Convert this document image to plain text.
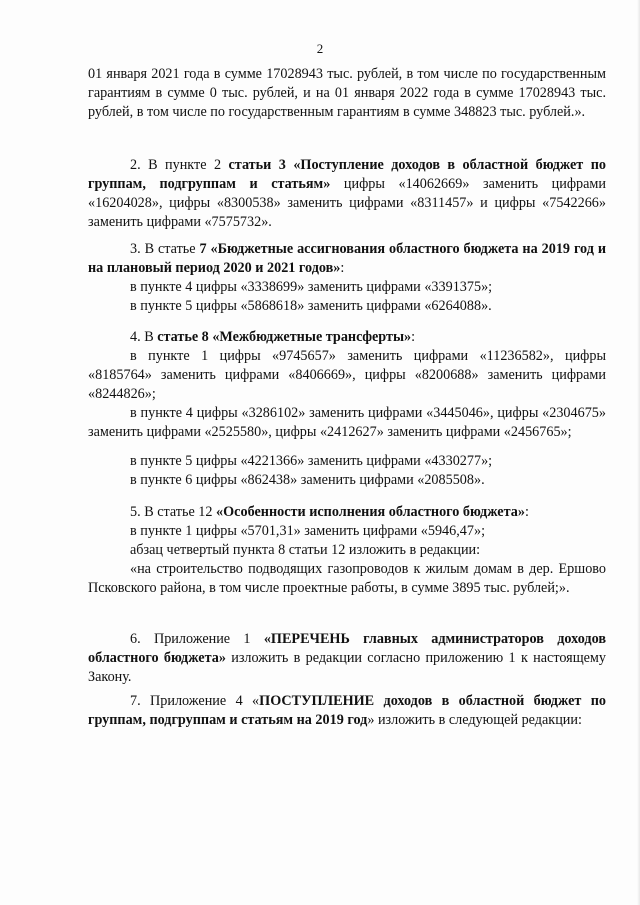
2

01 января 2021 года в сумме 17028943 тыс. рублей, в том числе по государственным гарантиям в сумме 0 тыс. рублей, и на 01 января 2022 года в сумме 17028943 тыс. рублей, в том числе по государственным гарантиям в сумме 348823 тыс. рублей.».

2. В пункте 2 статьи 3 «Поступление доходов в областной бюджет по группам, подгруппам и статьям» цифры «14062669» заменить цифрами «16204028», цифры «8300538» заменить цифрами «8311457» и цифры «7542266» заменить цифрами «7575732».

3. В статье 7 «Бюджетные ассигнования областного бюджета на 2019 год и на плановый период 2020 и 2021 годов»:

в пункте 4 цифры «3338699» заменить цифрами «3391375»;

в пункте 5 цифры «5868618» заменить цифрами «6264088».

4. В статье 8 «Межбюджетные трансферты»:

в пункте 1 цифры «9745657» заменить цифрами «11236582», цифры «8185764» заменить цифрами «8406669», цифры «8200688» заменить цифрами «8244826»;

в пункте 4 цифры «3286102» заменить цифрами «3445046», цифры «2304675» заменить цифрами «2525580», цифры «2412627» заменить цифрами «2456765»;

в пункте 5 цифры «4221366» заменить цифрами «4330277»;

в пункте 6 цифры «862438» заменить цифрами «2085508».

5. В статье 12 «Особенности исполнения областного бюджета»:

в пункте 1 цифры «5701,31» заменить цифрами «5946,47»;

абзац четвертый пункта 8 статьи 12 изложить в редакции:

«на строительство подводящих газопроводов к жилым домам в дер. Ершово Псковского района, в том числе проектные работы, в сумме 3895 тыс. рублей;».

6. Приложение 1 «ПЕРЕЧЕНЬ главных администраторов доходов областного бюджета» изложить в редакции согласно приложению 1 к настоящему Закону.

7. Приложение 4 «ПОСТУПЛЕНИЕ доходов в областной бюджет по группам, подгруппам и статьям на 2019 год» изложить в следующей редакции:
